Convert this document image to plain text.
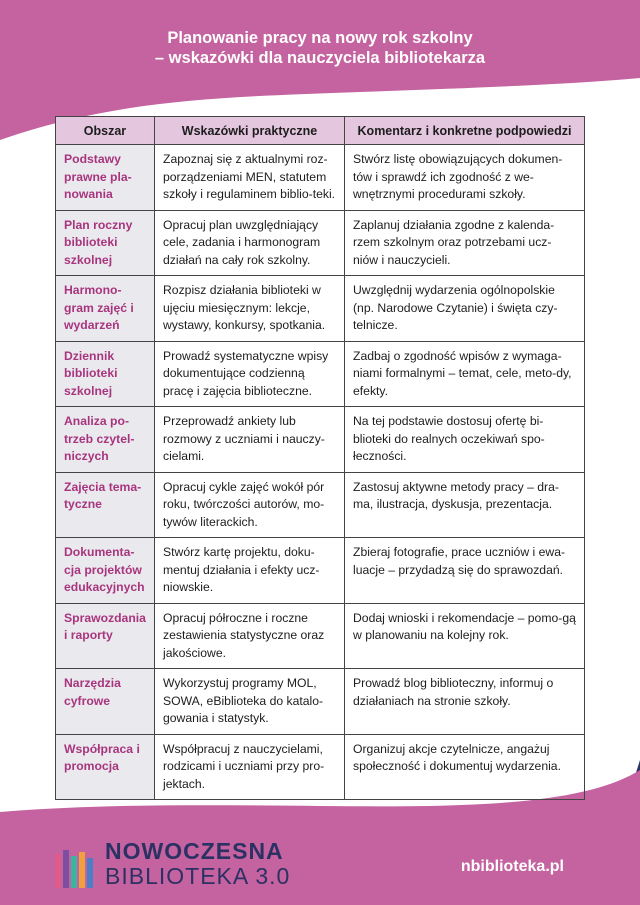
Planowanie pracy na nowy rok szkolny
– wskazówki dla nauczyciela bibliotekarza
Obszar	Wskazówki praktyczne	Komentarz i konkretne podpowiedzi
Podstawy prawne pla-nowania	Zapoznaj się z aktualnymi roz-porządzeniami MEN, statutem szkoły i regulaminem biblio-teki.	Stwórz listę obowiązujących dokumen-tów i sprawdź ich zgodność z we-wnętrznymi procedurami szkoły.
Plan roczny biblioteki szkolnej	Opracuj plan uwzględniający cele, zadania i harmonogram działań na cały rok szkolny.	Zaplanuj działania zgodne z kalenda-rzem szkolnym oraz potrzebami ucz-niów i nauczycieli.
Harmono-gram zajęć i wydarzeń	Rozpisz działania biblioteki w ujęciu miesięcznym: lekcje, wystawy, konkursy, spotkania.	Uwzględnij wydarzenia ogólnopolskie (np. Narodowe Czytanie) i święta czy-telnicze.
Dziennik biblioteki szkolnej	Prowadź systematyczne wpisy dokumentujące codzienną pracę i zajęcia biblioteczne.	Zadbaj o zgodność wpisów z wymaga-niami formalnymi – temat, cele, meto-dy, efekty.
Analiza po-trzeb czytel-niczych	Przeprowadź ankiety lub rozmowy z uczniami i nauczy-cielami.	Na tej podstawie dostosuj ofertę bi-blioteki do realnych oczekiwań spo-łeczności.
Zajęcia tema-tyczne	Opracuj cykle zajęć wokół pór roku, twórczości autorów, mo-tywów literackich.	Zastosuj aktywne metody pracy – dra-ma, ilustracja, dyskusja, prezentacja.
Dokumenta-cja projektów edukacyjnych	Stwórz kartę projektu, doku-mentuj działania i efekty ucz-niowskie.	Zbieraj fotografie, prace uczniów i ewa-luacje – przydadzą się do sprawozdań.
Sprawozdania i raporty	Opracuj półroczne i roczne zestawienia statystyczne oraz jakościowe.	Dodaj wnioski i rekomendacje – pomo-gą w planowaniu na kolejny rok.
Narzędzia cyfrowe	Wykorzystuj programy MOL, SOWA, eBiblioteka do katalo-gowania i statystyk.	Prowadź blog biblioteczny, informuj o działaniach na stronie szkoły.
Współpraca i promocja	Współpracuj z nauczycielami, rodzicami i uczniami przy pro-jektach.	Organizuj akcje czytelnicze, angażuj społeczność i dokumentuj wydarzenia.
NOWOCZESNA
BIBLIOTEKA 3.0	nbiblioteka.pl
